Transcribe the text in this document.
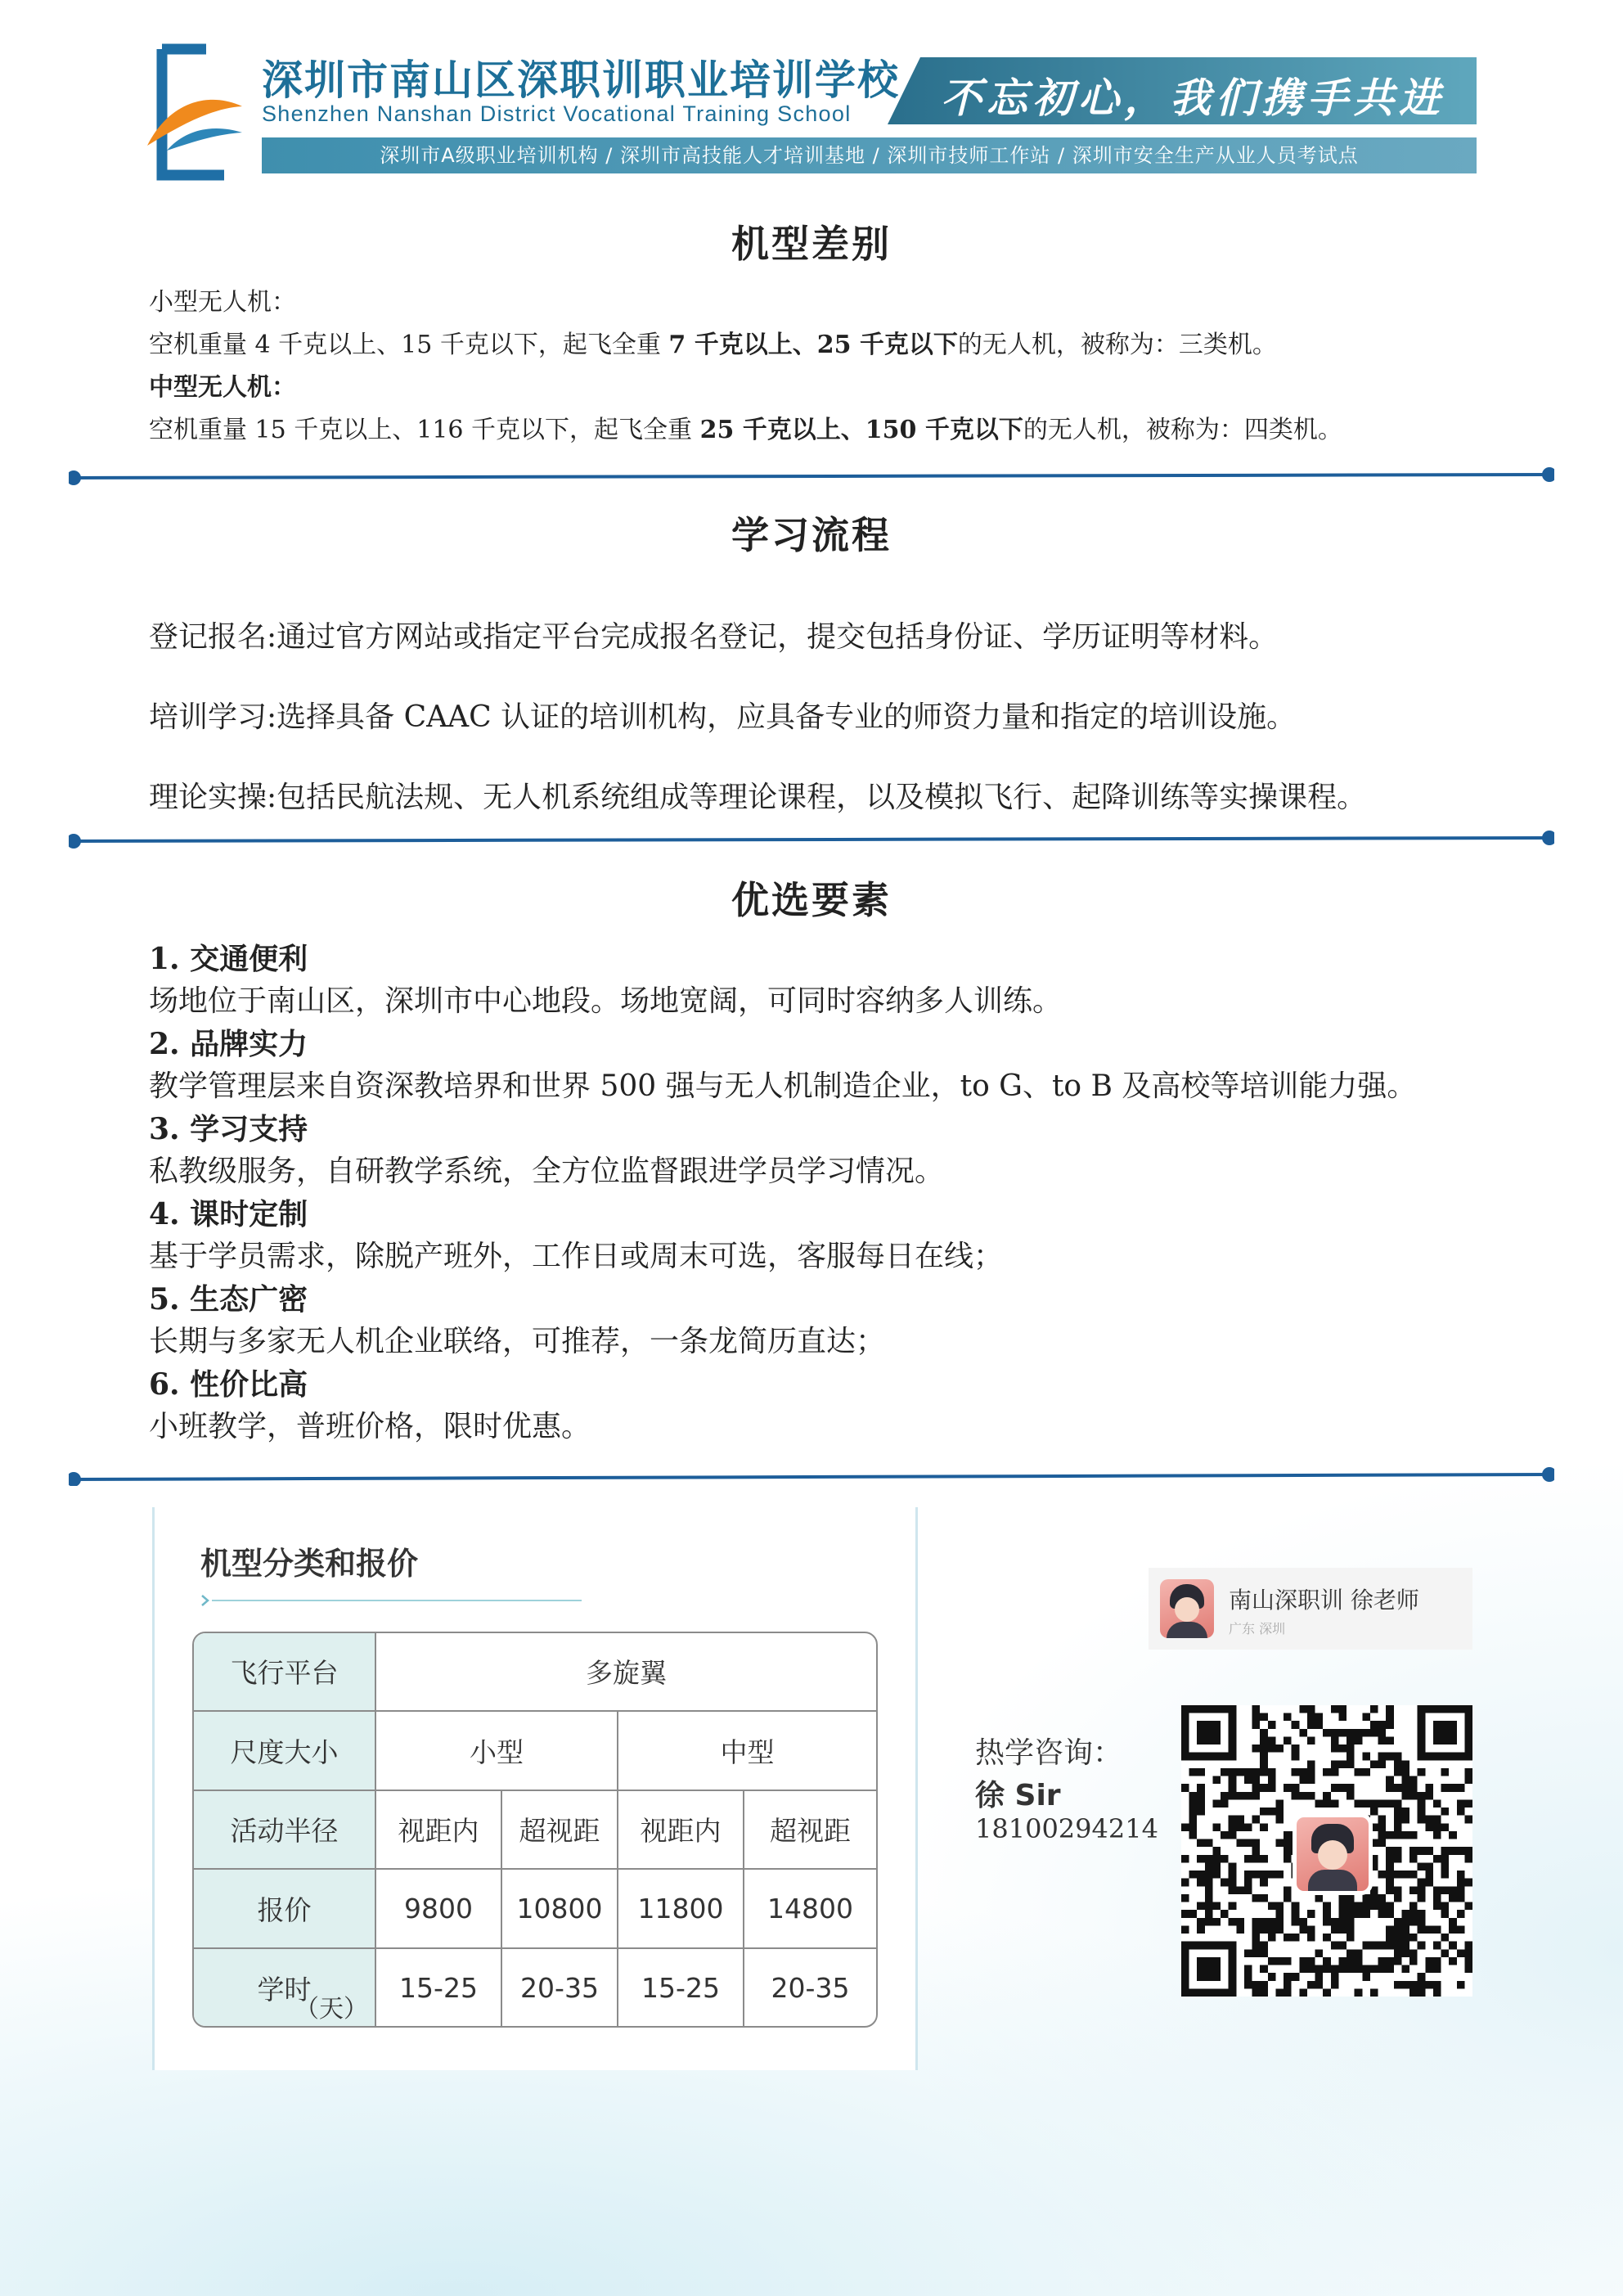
深圳市南山区深职训职业培训学校
Shenzhen Nanshan District Vocational Training School 不忘初心，我们携手共进
深圳市A级职业培训机构 / 深圳市高技能人才培训基地 / 深圳市技师工作站 / 深圳市安全生产从业人员考试点
机型差别
小型无人机：
空机重量 4 千克以上、15 千克以下，起飞全重 7 千克以上、25 千克以下的无人机，被称为：三类机。
中型无人机：
空机重量 15 千克以上、116 千克以下，起飞全重 25 千克以上、150 千克以下的无人机，被称为：四类机。
学习流程
登记报名:通过官方网站或指定平台完成报名登记，提交包括身份证、学历证明等材料。
培训学习:选择具备 CAAC 认证的培训机构，应具备专业的师资力量和指定的培训设施。
理论实操:包括民航法规、无人机系统组成等理论课程，以及模拟飞行、起降训练等实操课程。
优选要素
1. 交通便利
场地位于南山区，深圳市中心地段。场地宽阔，可同时容纳多人训练。
2. 品牌实力
教学管理层来自资深教培界和世界 500 强与无人机制造企业，to G、to B 及高校等培训能力强。
3. 学习支持
私教级服务，自研教学系统，全方位监督跟进学员学习情况。
4. 课时定制
基于学员需求，除脱产班外，工作日或周末可选，客服每日在线；
5. 生态广密
长期与多家无人机企业联络，可推荐，一条龙简历直达；
6. 性价比高
小班教学，普班价格，限时优惠。
机型分类和报价
飞行平台	多旋翼			
尺度大小	小型		中型	
活动半径	视距内	超视距	视距内	超视距
报价	9800	10800	11800	14800
学时
（天）	15-25	20-35	15-25	20-35
热学咨询：
徐 Sir
18100294214
南山深职训 徐老师
广东 深圳
